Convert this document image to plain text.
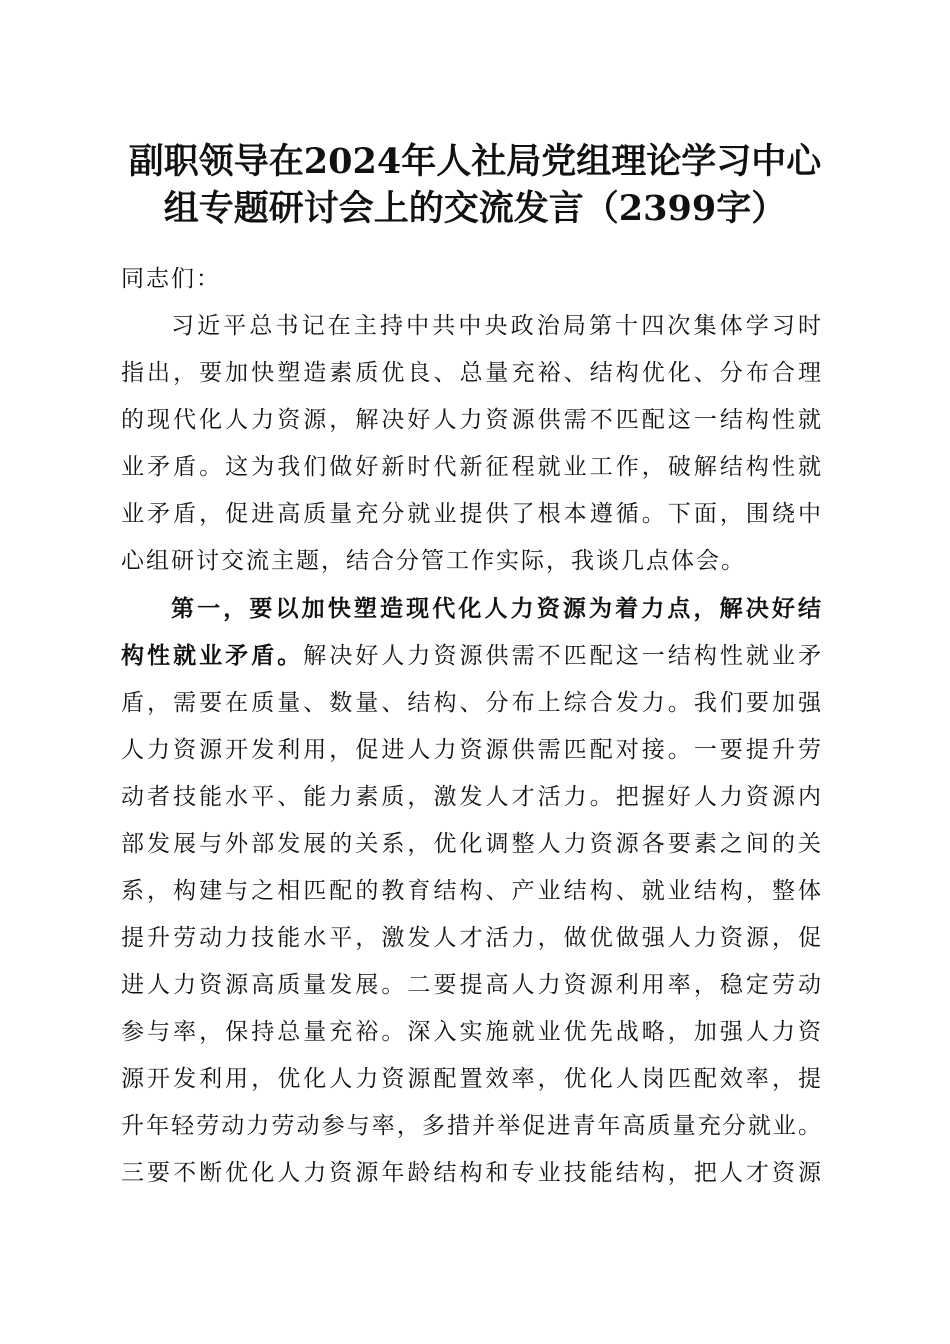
副职领导在2024年人社局党组理论学习中心
组专题研讨会上的交流发言（2399字）
同志们：
习近平总书记在主持中共中央政治局第十四次集体学习时
指出，要加快塑造素质优良、总量充裕、结构优化、分布合理
的现代化人力资源，解决好人力资源供需不匹配这一结构性就
业矛盾。这为我们做好新时代新征程就业工作，破解结构性就
业矛盾，促进高质量充分就业提供了根本遵循。下面，围绕中
心组研讨交流主题，结合分管工作实际，我谈几点体会。
第一，要以加快塑造现代化人力资源为着力点，解决好结
构性就业矛盾。解决好人力资源供需不匹配这一结构性就业矛
盾，需要在质量、数量、结构、分布上综合发力。我们要加强
人力资源开发利用，促进人力资源供需匹配对接。一要提升劳
动者技能水平、能力素质，激发人才活力。把握好人力资源内
部发展与外部发展的关系，优化调整人力资源各要素之间的关
系，构建与之相匹配的教育结构、产业结构、就业结构，整体
提升劳动力技能水平，激发人才活力，做优做强人力资源，促
进人力资源高质量发展。二要提高人力资源利用率，稳定劳动
参与率，保持总量充裕。深入实施就业优先战略，加强人力资
源开发利用，优化人力资源配置效率，优化人岗匹配效率，提
升年轻劳动力劳动参与率，多措并举促进青年高质量充分就业。
三要不断优化人力资源年龄结构和专业技能结构，把人才资源
